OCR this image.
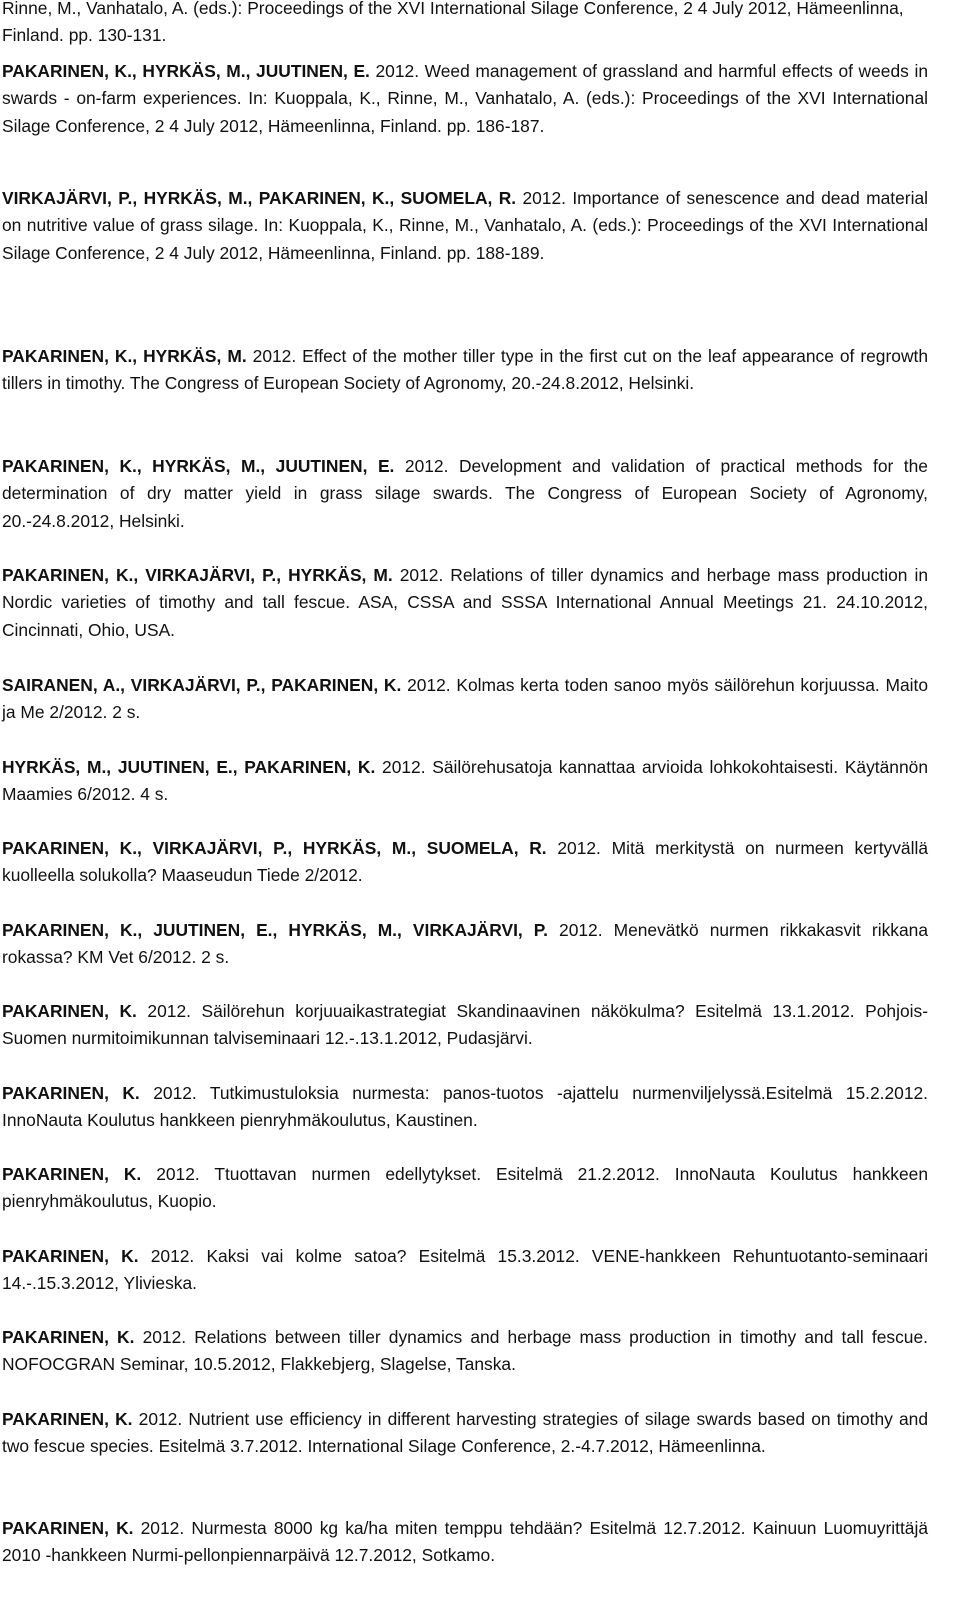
Rinne, M., Vanhatalo, A. (eds.): Proceedings of the XVI International Silage Conference, 2 4 July 2012, Hämeenlinna, Finland. pp. 130-131.

PAKARINEN, K., HYRKÄS, M., JUUTINEN, E. 2012. Weed management of grassland and harmful effects of weeds in swards - on-farm experiences. In: Kuoppala, K., Rinne, M., Vanhatalo, A. (eds.): Proceedings of the XVI International Silage Conference, 2 4 July 2012, Hämeenlinna, Finland. pp. 186-187.

VIRKAJÄRVI, P., HYRKÄS, M., PAKARINEN, K., SUOMELA, R. 2012. Importance of senescence and dead material on nutritive value of grass silage. In: Kuoppala, K., Rinne, M., Vanhatalo, A. (eds.): Proceedings of the XVI International Silage Conference, 2 4 July 2012, Hämeenlinna, Finland. pp. 188-189.

PAKARINEN, K., HYRKÄS, M. 2012. Effect of the mother tiller type in the first cut on the leaf appearance of regrowth tillers in timothy. The Congress of European Society of Agronomy, 20.-24.8.2012, Helsinki.

PAKARINEN, K., HYRKÄS, M., JUUTINEN, E. 2012. Development and validation of practical methods for the determination of dry matter yield in grass silage swards. The Congress of European Society of Agronomy, 20.-24.8.2012, Helsinki.

PAKARINEN, K., VIRKAJÄRVI, P., HYRKÄS, M. 2012. Relations of tiller dynamics and herbage mass production in Nordic varieties of timothy and tall fescue. ASA, CSSA and SSSA International Annual Meetings 21. 24.10.2012, Cincinnati, Ohio, USA.

SAIRANEN, A., VIRKAJÄRVI, P., PAKARINEN, K. 2012. Kolmas kerta toden sanoo myös säilörehun korjuussa. Maito ja Me 2/2012. 2 s.

HYRKÄS, M., JUUTINEN, E., PAKARINEN, K. 2012. Säilörehusatoja kannattaa arvioida lohkokohtaisesti. Käytännön Maamies 6/2012. 4 s.

PAKARINEN, K., VIRKAJÄRVI, P., HYRKÄS, M., SUOMELA, R. 2012. Mitä merkitystä on nurmeen kertyvällä kuolleella solukolla? Maaseudun Tiede 2/2012.

PAKARINEN, K., JUUTINEN, E., HYRKÄS, M., VIRKAJÄRVI, P. 2012. Menevätkö nurmen rikkakasvit rikkana rokassa? KM Vet 6/2012. 2 s.

PAKARINEN, K. 2012. Säilörehun korjuuaikastrategiat Skandinaavinen näkökulma? Esitelmä 13.1.2012. Pohjois-Suomen nurmitoimikunnan talviseminaari 12.-.13.1.2012, Pudasjärvi.

PAKARINEN, K. 2012. Tutkimustuloksia nurmesta: panos-tuotos -ajattelu nurmenviljelyssä.Esitelmä 15.2.2012. InnoNauta Koulutus hankkeen pienryhmäkoulutus, Kaustinen.

PAKARINEN, K. 2012. Ttuottavan nurmen edellytykset. Esitelmä 21.2.2012. InnoNauta Koulutus hankkeen pienryhmäkoulutus, Kuopio.

PAKARINEN, K. 2012. Kaksi vai kolme satoa? Esitelmä 15.3.2012. VENE-hankkeen Rehuntuotanto-seminaari 14.-.15.3.2012, Ylivieska.

PAKARINEN, K. 2012. Relations between tiller dynamics and herbage mass production in timothy and tall fescue. NOFOCGRAN Seminar, 10.5.2012, Flakkebjerg, Slagelse, Tanska.

PAKARINEN, K. 2012. Nutrient use efficiency in different harvesting strategies of silage swards based on timothy and two fescue species. Esitelmä 3.7.2012. International Silage Conference, 2.-4.7.2012, Hämeenlinna.

PAKARINEN, K. 2012. Nurmesta 8000 kg ka/ha miten temppu tehdään? Esitelmä 12.7.2012. Kainuun Luomuyrittäjä 2010 -hankkeen Nurmi-pellonpiennarpäivä 12.7.2012, Sotkamo.
